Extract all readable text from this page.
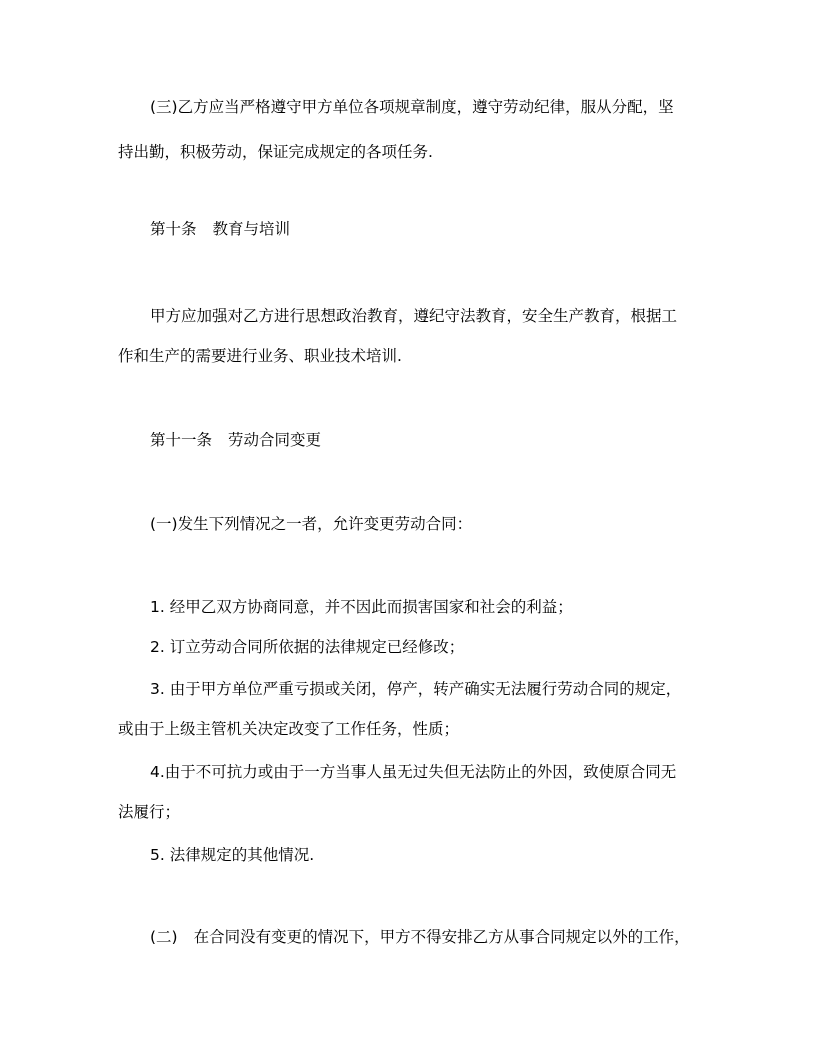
(三)乙方应当严格遵守甲方单位各项规章制度，遵守劳动纪律，服从分配，坚

持出勤，积极劳动，保证完成规定的各项任务.

第十条 教育与培训

甲方应加强对乙方进行思想政治教育，遵纪守法教育，安全生产教育，根据工

作和生产的需要进行业务、职业技术培训.

第十一条 劳动合同变更

(一)发生下列情况之一者，允许变更劳动合同：

1. 经甲乙双方协商同意，并不因此而损害国家和社会的利益；

2. 订立劳动合同所依据的法律规定已经修改；

3. 由于甲方单位严重亏损或关闭，停产，转产确实无法履行劳动合同的规定，

或由于上级主管机关决定改变了工作任务，性质；

4.由于不可抗力或由于一方当事人虽无过失但无法防止的外因，致使原合同无

法履行；

5. 法律规定的其他情况.

(二) 在合同没有变更的情况下，甲方不得安排乙方从事合同规定以外的工作，
